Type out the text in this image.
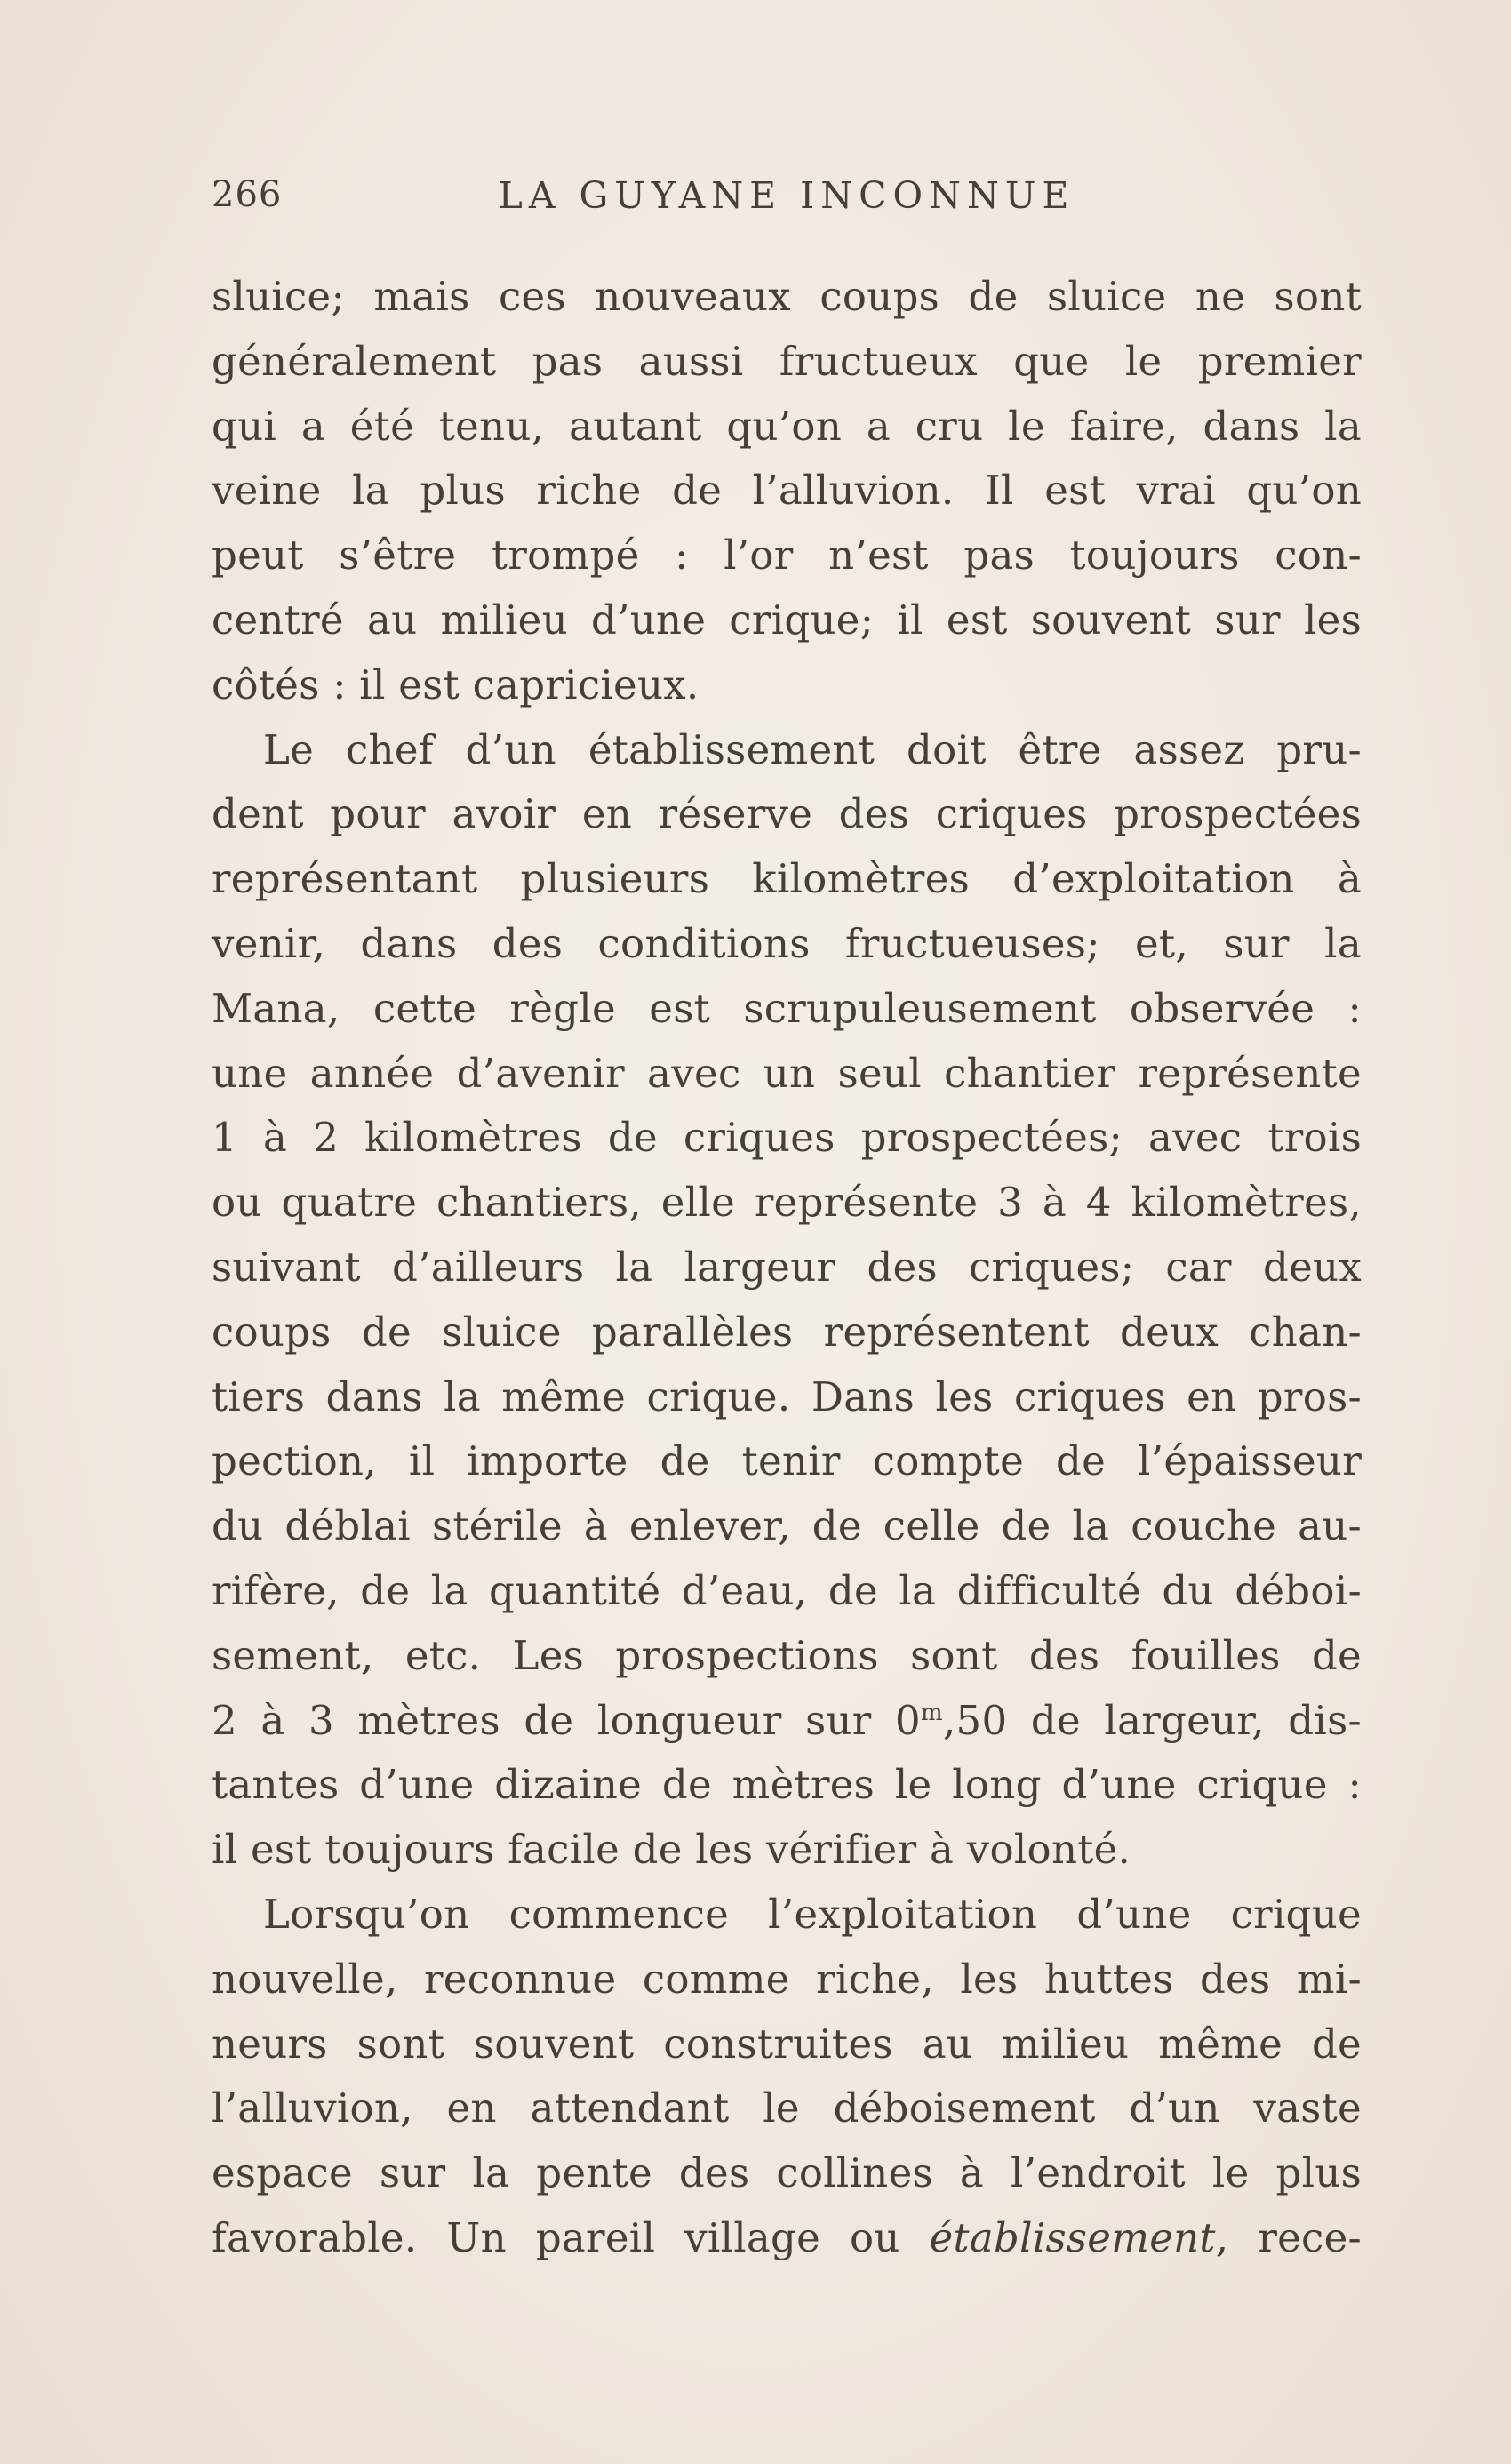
266	LA GUYANE INCONNUE
sluice; mais ces nouveaux coups de sluice ne sont
généralement pas aussi fructueux que le premier
qui a été tenu, autant qu’on a cru le faire, dans la
veine la plus riche de l’alluvion. Il est vrai qu’on
peut s’être trompé : l’or n’est pas toujours con-
centré au milieu d’une crique; il est souvent sur les
côtés : il est capricieux.
Le chef d’un établissement doit être assez pru-
dent pour avoir en réserve des criques prospectées
représentant plusieurs kilomètres d’exploitation à
venir, dans des conditions fructueuses; et, sur la
Mana, cette règle est scrupuleusement observée :
une année d’avenir avec un seul chantier représente
1 à 2 kilomètres de criques prospectées; avec trois
ou quatre chantiers, elle représente 3 à 4 kilomètres,
suivant d’ailleurs la largeur des criques; car deux
coups de sluice parallèles représentent deux chan-
tiers dans la même crique. Dans les criques en pros-
pection, il importe de tenir compte de l’épaisseur
du déblai stérile à enlever, de celle de la couche au-
rifère, de la quantité d’eau, de la difficulté du déboi-
sement, etc. Les prospections sont des fouilles de
2 à 3 mètres de longueur sur 0$^m$,50 de largeur, dis-
tantes d’une dizaine de mètres le long d’une crique :
il est toujours facile de les vérifier à volonté.
Lorsqu’on commence l’exploitation d’une crique
nouvelle, reconnue comme riche, les huttes des mi-
neurs sont souvent construites au milieu même de
l’alluvion, en attendant le déboisement d’un vaste
espace sur la pente des collines à l’endroit le plus
favorable. Un pareil village ou établissement, rece-
